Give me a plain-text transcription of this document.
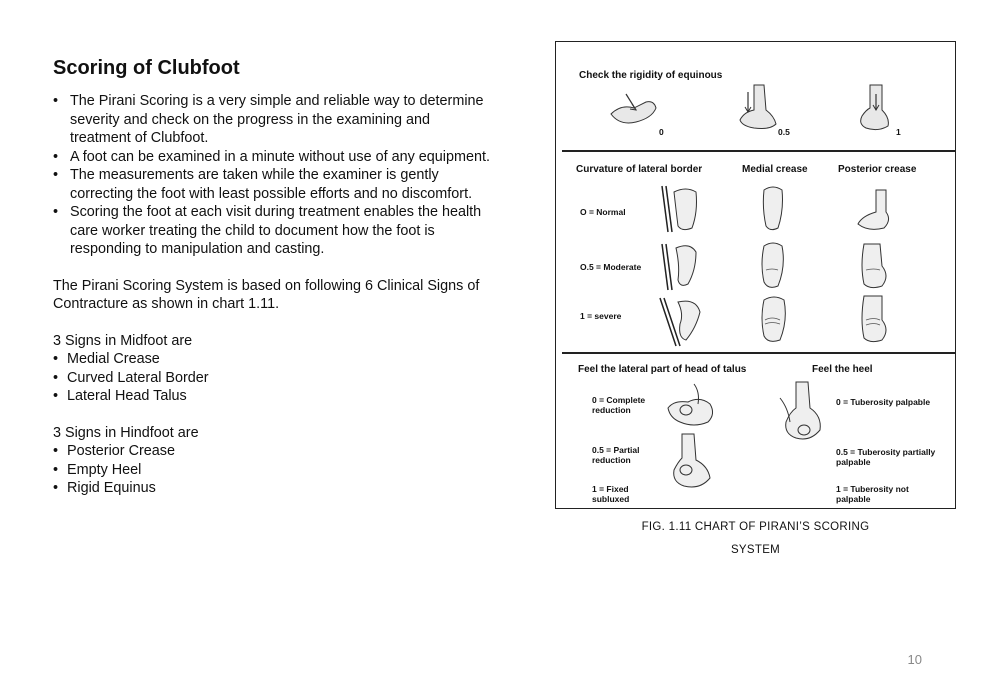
Scoring of Clubfoot
• The Pirani Scoring is a very simple and reliable way to determine severity and check on the progress in the examining and treatment of Clubfoot.
• A foot can be examined in a minute without use of any equipment.
• The measurements are taken while the examiner is gently correcting the foot with least possible efforts and no discomfort.
• Scoring the foot at each visit during treatment enables the health care worker treating the child to document how the foot is responding to manipulation and casting.
The Pirani Scoring System is based on following 6 Clinical Signs of Contracture as shown in chart 1.11.
3 Signs in Midfoot are
• Medial Crease
• Curved Lateral Border
• Lateral Head Talus
3 Signs in Hindfoot are
• Posterior Crease
• Empty Heel
• Rigid Equinus
Check the rigidity of equinous
0	0.5	1
Curvature of lateral border	Medial crease	Posterior crease
O = Normal
O.5 = Moderate
1 = severe
Feel the lateral part of head of talus	Feel the heel
0 = Complete reduction
0.5 = Partial reduction
1 = Fixed subluxed
0 = Tuberosity palpable
0.5 = Tuberosity partially palpable
1 = Tuberosity not palpable
FIG. 1.11 CHART OF PIRANI’S SCORING
SYSTEM
10
